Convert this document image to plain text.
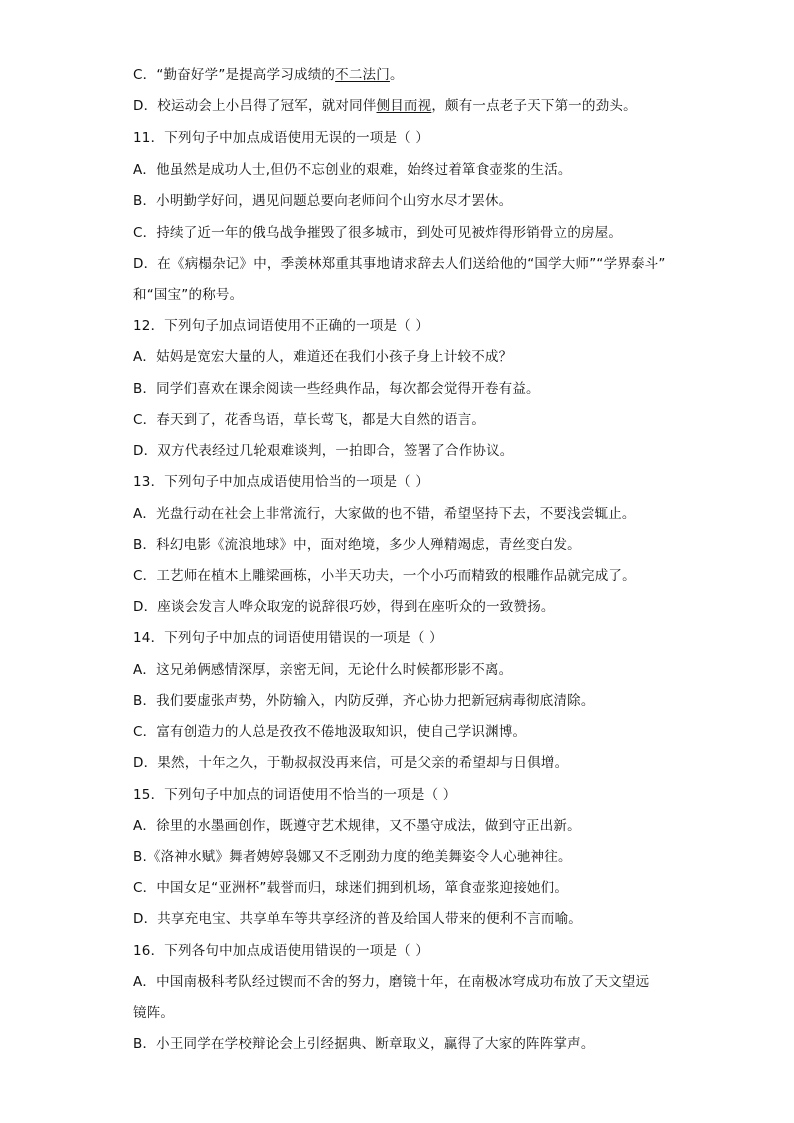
C．“勤奋好学”是提高学习成绩的不二法门。
D．校运动会上小吕得了冠军，就对同伴侧目而视，颇有一点老子天下第一的劲头。
11．下列句子中加点成语使用无误的一项是（ ）
A．他虽然是成功人士,但仍不忘创业的艰难，始终过着箪食壶浆的生活。
B．小明勤学好问，遇见问题总要向老师问个山穷水尽才罢休。
C．持续了近一年的俄乌战争摧毁了很多城市，到处可见被炸得形销骨立的房屋。
D．在《病榻杂记》中，季羡林郑重其事地请求辞去人们送给他的“国学大师”“学界泰斗”
和“国宝”的称号。
12．下列句子加点词语使用不正确的一项是（ ）
A．姑妈是宽宏大量的人，难道还在我们小孩子身上计较不成？
B．同学们喜欢在课余阅读一些经典作品，每次都会觉得开卷有益。
C．春天到了，花香鸟语，草长莺飞，都是大自然的语言。
D．双方代表经过几轮艰难谈判，一拍即合，签署了合作协议。
13．下列句子中加点成语使用恰当的一项是（ ）
A．光盘行动在社会上非常流行，大家做的也不错，希望坚持下去，不要浅尝辄止。
B．科幻电影《流浪地球》中，面对绝境，多少人殚精竭虑，青丝变白发。
C．工艺师在植木上雕梁画栋，小半天功夫，一个小巧而精致的根雕作品就完成了。
D．座谈会发言人哗众取宠的说辞很巧妙，得到在座听众的一致赞扬。
14．下列句子中加点的词语使用错误的一项是（ ）
A．这兄弟俩感情深厚，亲密无间，无论什么时候都形影不离。
B．我们要虚张声势，外防输入，内防反弹，齐心协力把新冠病毒彻底清除。
C．富有创造力的人总是孜孜不倦地汲取知识，使自己学识渊博。
D．果然，十年之久，于勒叔叔没再来信，可是父亲的希望却与日俱增。
15．下列句子中加点的词语使用不恰当的一项是（ ）
A．徐里的水墨画创作，既遵守艺术规律，又不墨守成法，做到守正出新。
B.《洛神水赋》舞者娉婷袅娜又不乏刚劲力度的绝美舞姿令人心驰神往。
C．中国女足“亚洲杯”载誉而归，球迷们拥到机场，箪食壶浆迎接她们。
D．共享充电宝、共享单车等共享经济的普及给国人带来的便利不言而喻。
16．下列各句中加点成语使用错误的一项是（ ）
A．中国南极科考队经过锲而不舍的努力，磨镜十年，在南极冰穹成功布放了天文望远
镜阵。
B．小王同学在学校辩论会上引经据典、断章取义，赢得了大家的阵阵掌声。
